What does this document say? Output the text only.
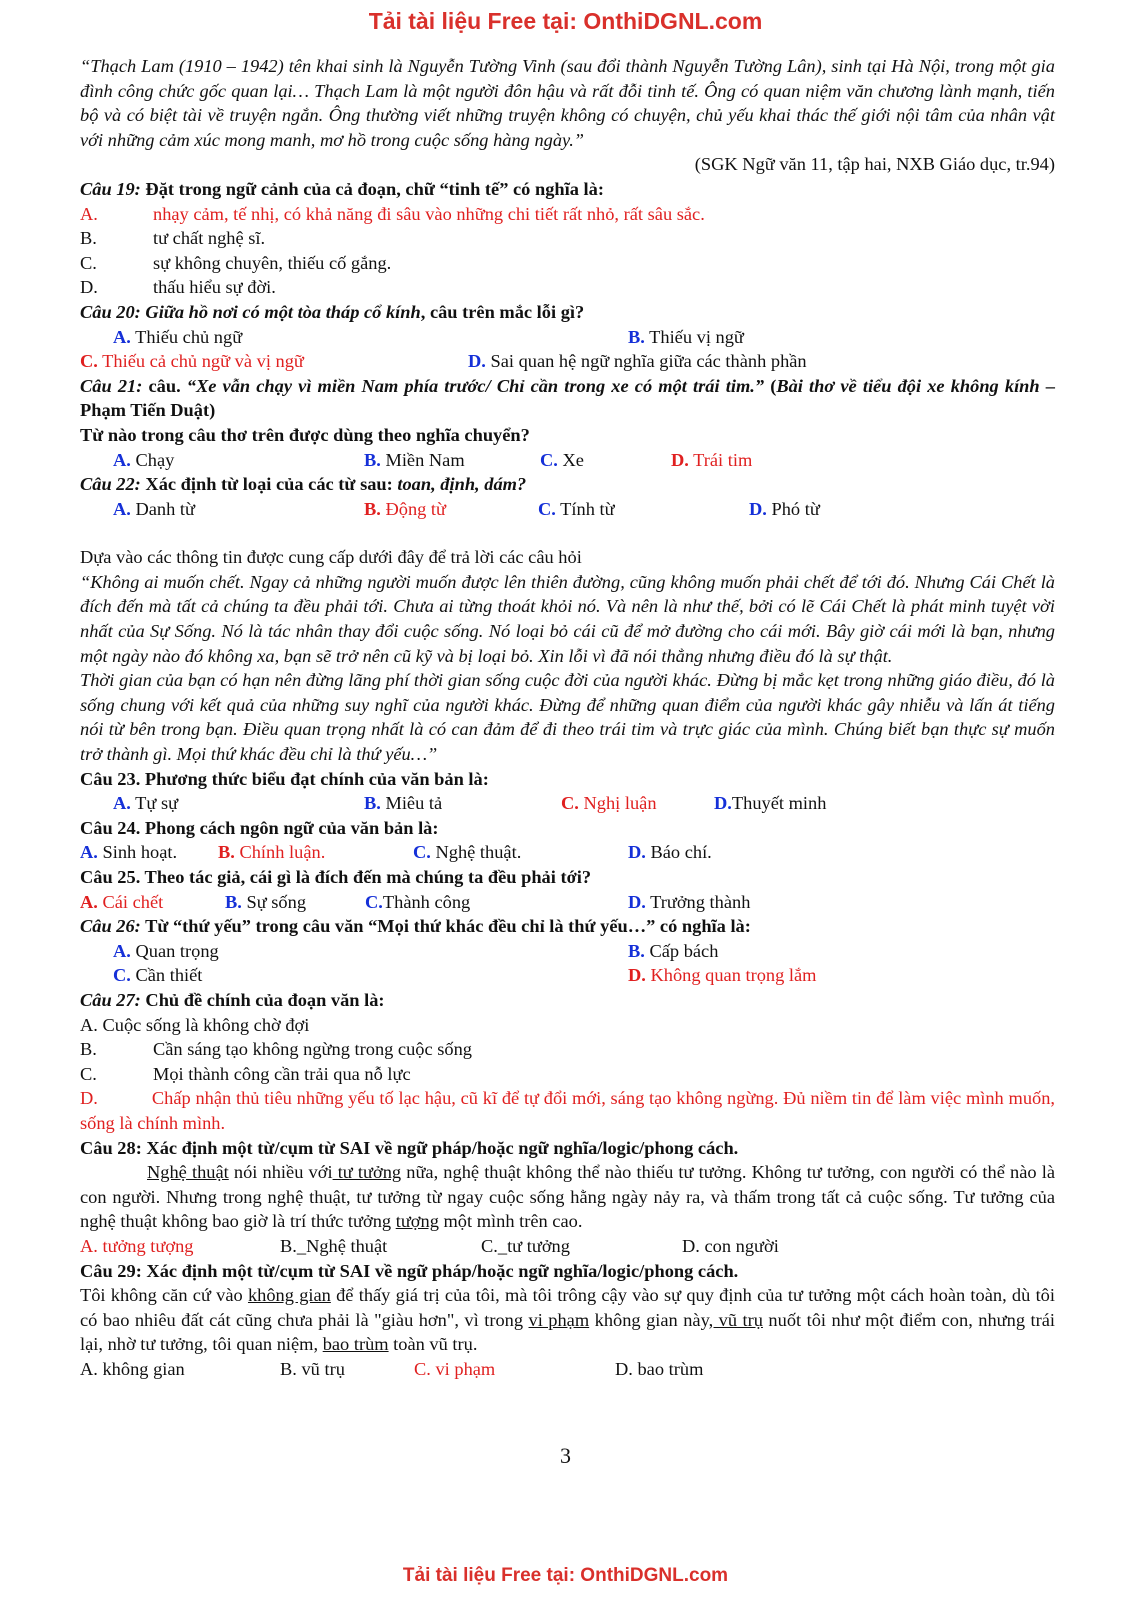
Tải tài liệu Free tại: OnthiDGNL.com

“Thạch Lam (1910 – 1942) tên khai sinh là Nguyễn Tường Vinh (sau đổi thành Nguyễn Tường Lân), sinh tại Hà Nội, trong một gia đình công chức gốc quan lại… Thạch Lam là một người đôn hậu và rất đỗi tinh tế. Ông có quan niệm văn chương lành mạnh, tiến bộ và có biệt tài về truyện ngắn. Ông thường viết những truyện không có chuyện, chủ yếu khai thác thế giới nội tâm của nhân vật với những cảm xúc mong manh, mơ hồ trong cuộc sống hàng ngày.”

(SGK Ngữ văn 11, tập hai, NXB Giáo dục, tr.94)

Câu 19: Đặt trong ngữ cảnh của cả đoạn, chữ “tinh tế” có nghĩa là:

A.	nhạy cảm, tế nhị, có khả năng đi sâu vào những chi tiết rất nhỏ, rất sâu sắc.
B.	tư chất nghệ sĩ.
C.	sự không chuyên, thiếu cố gắng.
D.	thấu hiểu sự đời.

Câu 20: Giữa hồ nơi có một tòa tháp cổ kính, câu trên mắc lỗi gì?

A. Thiếu chủ ngữ	B. Thiếu vị ngữ
C. Thiếu cả chủ ngữ và vị ngữ	D. Sai quan hệ ngữ nghĩa giữa các thành phần

Câu 21: câu. “Xe vẫn chạy vì miền Nam phía trước/ Chỉ cần trong xe có một trái tim.” (Bài thơ về tiểu đội xe không kính – Phạm Tiến Duật)

Từ nào trong câu thơ trên được dùng theo nghĩa chuyển?

A. Chạy	B. Miền Nam	C. Xe	D. Trái tim

Câu 22: Xác định từ loại của các từ sau: toan, định, dám?

A. Danh từ	B. Động từ	C. Tính từ	D. Phó từ

Dựa vào các thông tin được cung cấp dưới đây để trả lời các câu hỏi

“Không ai muốn chết. Ngay cả những người muốn được lên thiên đường, cũng không muốn phải chết để tới đó. Nhưng Cái Chết là đích đến mà tất cả chúng ta đều phải tới. Chưa ai từng thoát khỏi nó. Và nên là như thế, bởi có lẽ Cái Chết là phát minh tuyệt vời nhất của Sự Sống. Nó là tác nhân thay đổi cuộc sống. Nó loại bỏ cái cũ để mở đường cho cái mới. Bây giờ cái mới là bạn, nhưng một ngày nào đó không xa, bạn sẽ trở nên cũ kỹ và bị loại bỏ. Xin lỗi vì đã nói thẳng nhưng điều đó là sự thật.

Thời gian của bạn có hạn nên đừng lãng phí thời gian sống cuộc đời của người khác. Đừng bị mắc kẹt trong những giáo điều, đó là sống chung với kết quả của những suy nghĩ của người khác. Đừng để những quan điểm của người khác gây nhiễu và lấn át tiếng nói từ bên trong bạn. Điều quan trọng nhất là có can đảm để đi theo trái tim và trực giác của mình. Chúng biết bạn thực sự muốn trở thành gì. Mọi thứ khác đều chỉ là thứ yếu…”

Câu 23. Phương thức biểu đạt chính của văn bản là:

A. Tự sự	B. Miêu tả	C. Nghị luận	D.Thuyết minh

Câu 24. Phong cách ngôn ngữ của văn bản là:

A. Sinh hoạt. B. Chính luận.	C. Nghệ thuật.	D. Báo chí.

Câu 25. Theo tác giả, cái gì là đích đến mà chúng ta đều phải tới?

A. Cái chết	B. Sự sống	C.Thành công	D. Trưởng thành

Câu 26: Từ “thứ yếu” trong câu văn “Mọi thứ khác đều chỉ là thứ yếu…” có nghĩa là:

A. Quan trọng	B. Cấp bách
C. Cần thiết	D. Không quan trọng lắm

Câu 27: Chủ đề chính của đoạn văn là:

A. Cuộc sống là không chờ đợi

B.	Cần sáng tạo không ngừng trong cuộc sống
C.	Mọi thành công cần trải qua nỗ lực

D.	Chấp nhận thủ tiêu những yếu tố lạc hậu, cũ kĩ để tự đổi mới, sáng tạo không ngừng. Đủ niềm tin để làm việc mình muốn, sống là chính mình.

Câu 28: Xác định một từ/cụm từ SAI về ngữ pháp/hoặc ngữ nghĩa/logic/phong cách.

Nghệ thuật nói nhiều với tư tưởng nữa, nghệ thuật không thể nào thiếu tư tưởng. Không tư tưởng, con người có thể nào là con người. Nhưng trong nghệ thuật, tư tưởng từ ngay cuộc sống hằng ngày nảy ra, và thấm trong tất cả cuộc sống. Tư tưởng của nghệ thuật không bao giờ là trí thức tưởng tượng một mình trên cao.

A. tưởng tượng	B._Nghệ thuật	C._tư tưởng	D. con người

Câu 29: Xác định một từ/cụm từ SAI về ngữ pháp/hoặc ngữ nghĩa/logic/phong cách.

Tôi không căn cứ vào không gian để thấy giá trị của tôi, mà tôi trông cậy vào sự quy định của tư tưởng một cách hoàn toàn, dù tôi có bao nhiêu đất cát cũng chưa phải là "giàu hơn", vì trong vi phạm không gian này, vũ trụ nuốt tôi như một điểm con, nhưng trái lại, nhờ tư tưởng, tôi quan niệm, bao trùm toàn vũ trụ.

A. không gian	B. vũ trụ	C. vi phạm	D. bao trùm
3
Tải tài liệu Free tại: OnthiDGNL.com
